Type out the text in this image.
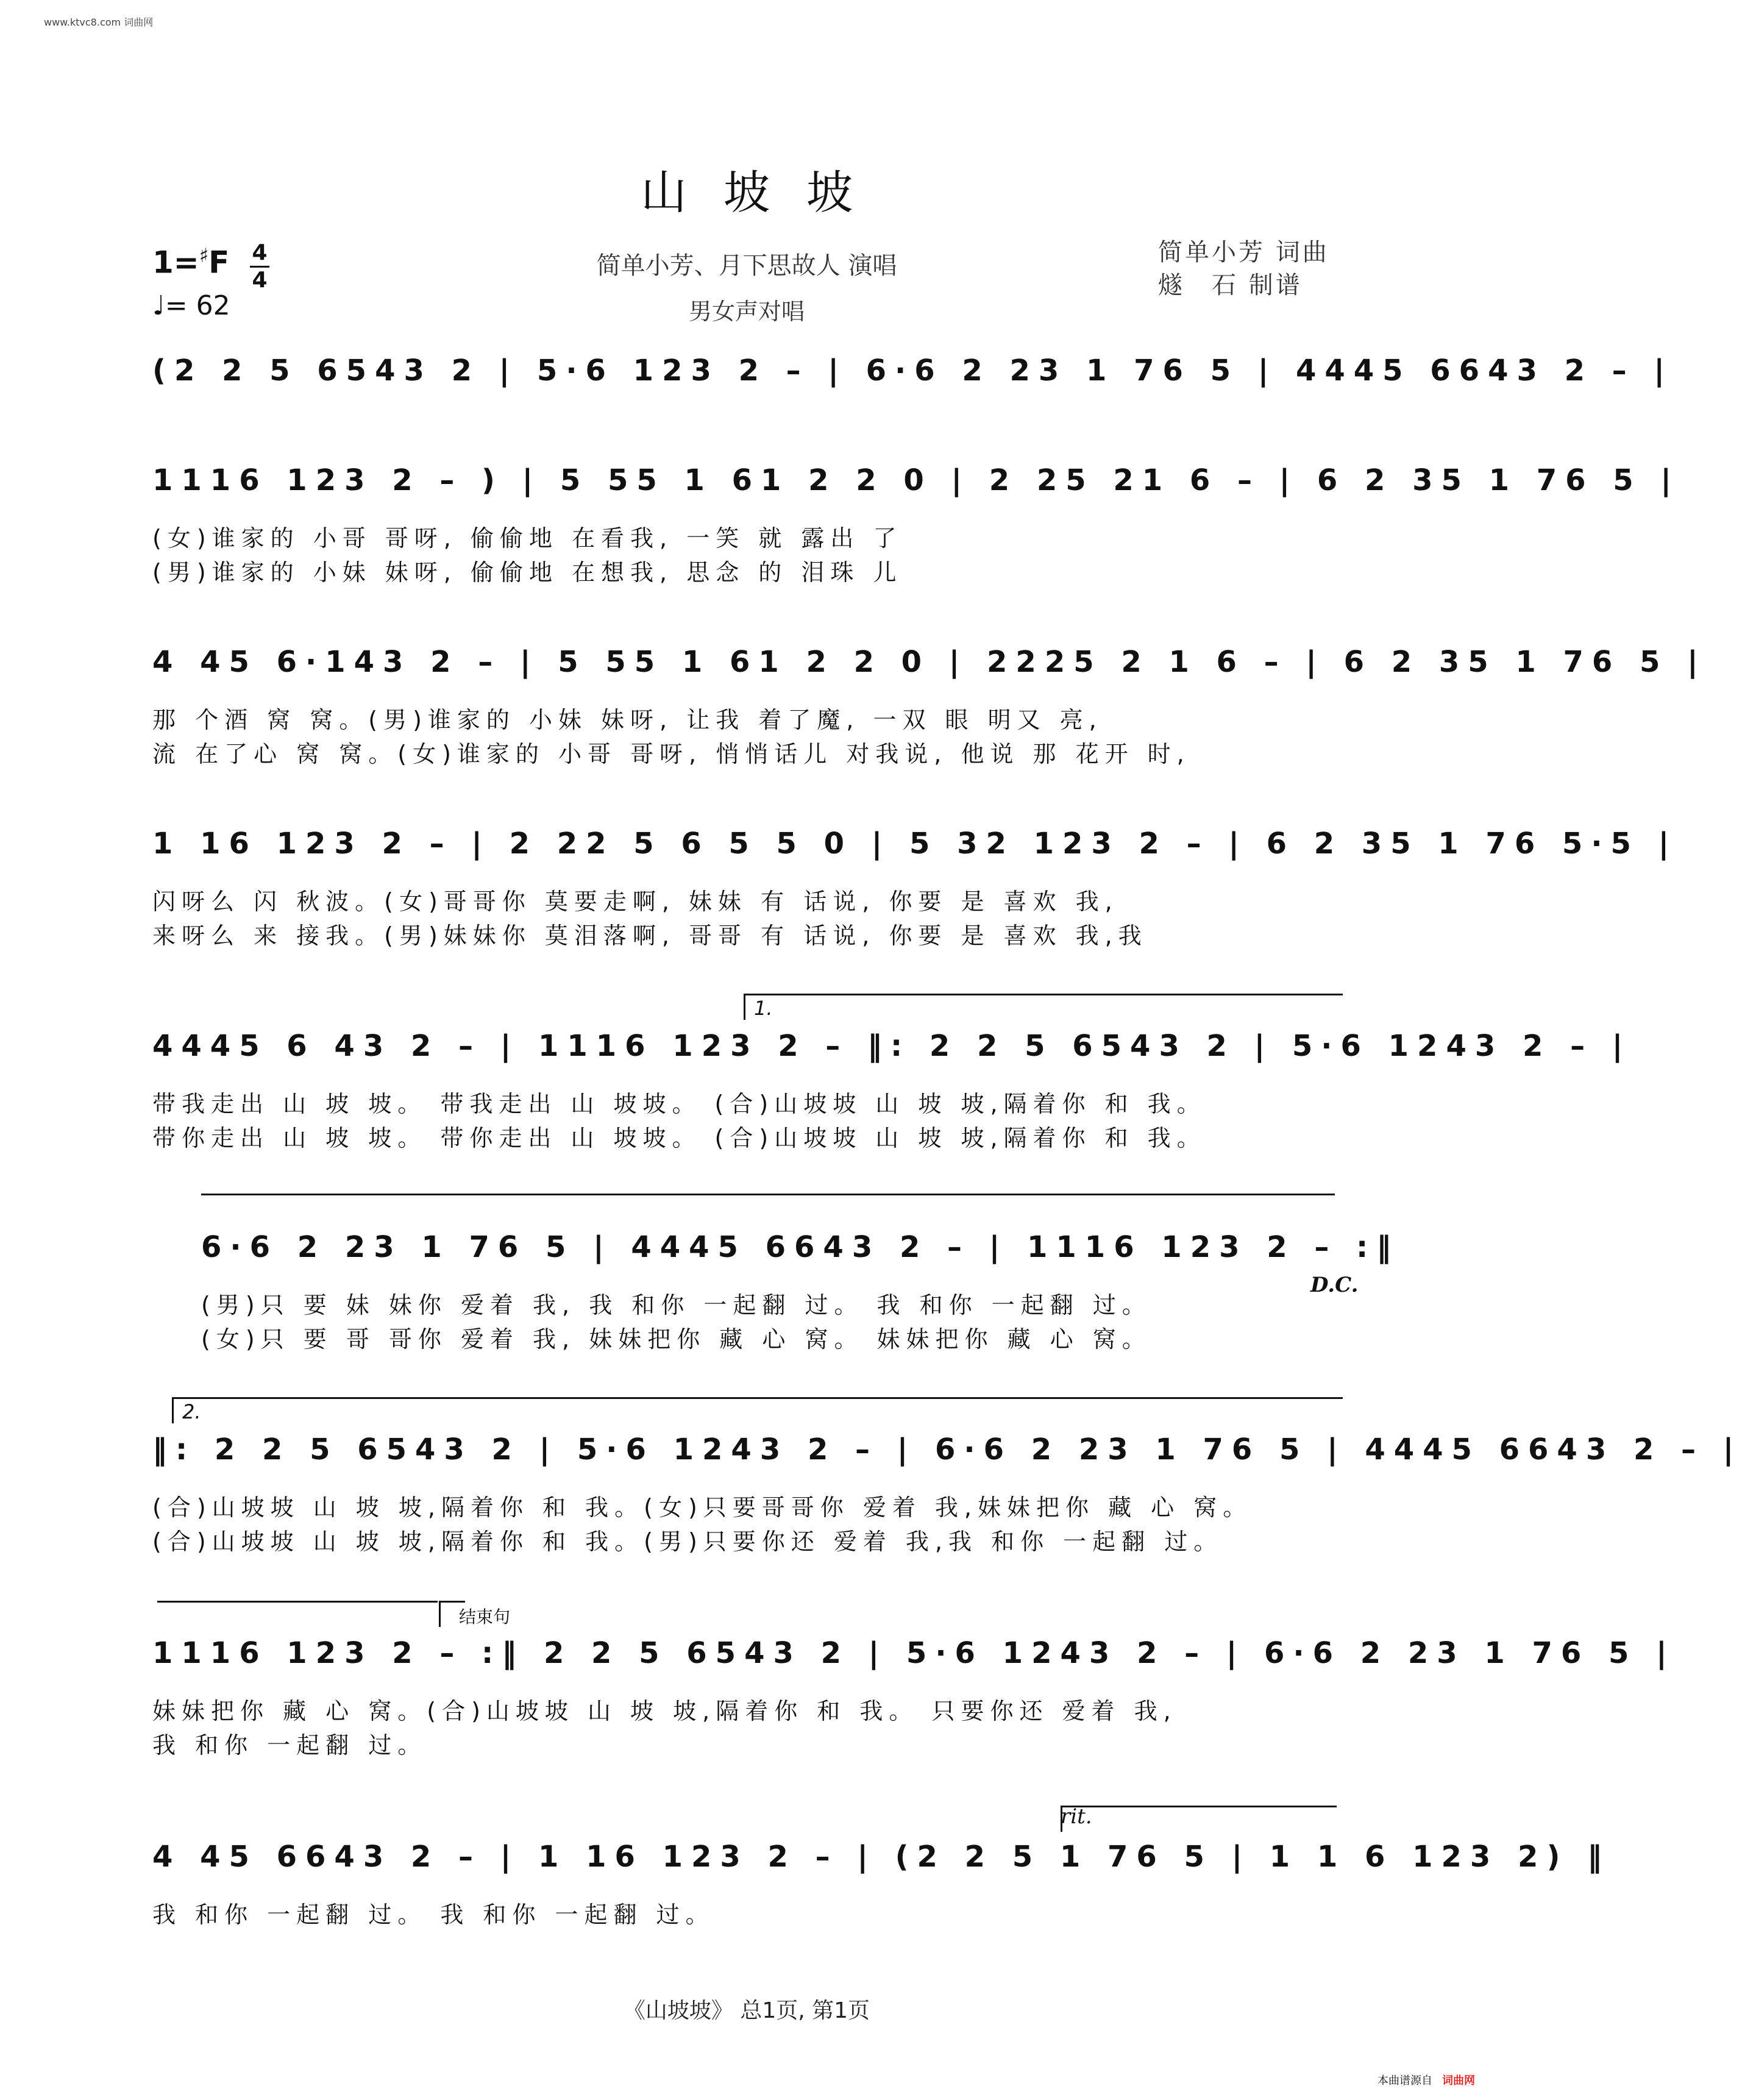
www.ktvc8.com 词曲网
山坡坡
1=♯F 4
4
♩= 62
简单小芳、月下思故人 演唱
男女声对唱
简单小芳 词曲
燧　石 制谱
(2 2 5 6543 2 | 5·6 123 2 – | 6·6 2 23 1 76 5 | 4445 6643 2 – |
1116 123 2 – ) | 5 55 1 61 2 2 0 | 2 25 21 6 – | 6 2 35 1 76 5 |
(女)谁家的 小哥 哥呀, 偷偷地 在看我, 一笑 就 露出 了
(男)谁家的 小妹 妹呀, 偷偷地 在想我, 思念 的 泪珠 儿
4 45 6·143 2 – | 5 55 1 61 2 2 0 | 2225 2 1 6 – | 6 2 35 1 76 5 |
那 个酒 窝 窝。(男)谁家的 小妹 妹呀, 让我 着了魔, 一双 眼 明又 亮,
流 在了心 窝 窝。(女)谁家的 小哥 哥呀, 悄悄话儿 对我说, 他说 那 花开 时,
1 16 123 2 – | 2 22 5 6 5 5 0 | 5 32 123 2 – | 6 2 35 1 76 5·5 |
闪呀么 闪 秋波。(女)哥哥你 莫要走啊, 妹妹 有 话说, 你要 是 喜欢 我,
来呀么 来 接我。(男)妹妹你 莫泪落啊, 哥哥 有 话说, 你要 是 喜欢 我,我
1.
4445 6 43 2 – | 1116 123 2 – ‖: 2 2 5 6543 2 | 5·6 1243 2 – |
带我走出 山 坡 坡。 带我走出 山 坡坡。 (合)山坡坡 山 坡 坡,隔着你 和 我。
带你走出 山 坡 坡。 带你走出 山 坡坡。 (合)山坡坡 山 坡 坡,隔着你 和 我。
6·6 2 23 1 76 5 | 4445 6643 2 – | 1116 123 2 – :‖
(男)只 要 妹 妹你 爱着 我, 我 和你 一起翻 过。 我 和你 一起翻 过。
(女)只 要 哥 哥你 爱着 我, 妹妹把你 藏 心 窝。 妹妹把你 藏 心 窝。
D.C.
2.
‖: 2 2 5 6543 2 | 5·6 1243 2 – | 6·6 2 23 1 76 5 | 4445 6643 2 – |
(合)山坡坡 山 坡 坡,隔着你 和 我。(女)只要哥哥你 爱着 我,妹妹把你 藏 心 窝。
(合)山坡坡 山 坡 坡,隔着你 和 我。(男)只要你还 爱着 我,我 和你 一起翻 过。
结束句
1116 123 2 – :‖ 2 2 5 6543 2 | 5·6 1243 2 – | 6·6 2 23 1 76 5 |
妹妹把你 藏 心 窝。(合)山坡坡 山 坡 坡,隔着你 和 我。 只要你还 爱着 我,
我 和你 一起翻 过。
rit.
4 45 6643 2 – | 1 16 123 2 – | (2 2 5 1 76 5 | 1 1 6 123 2) ‖
我 和你 一起翻 过。 我 和你 一起翻 过。
《山坡坡》 总1页, 第1页
本曲谱源自 词曲网
